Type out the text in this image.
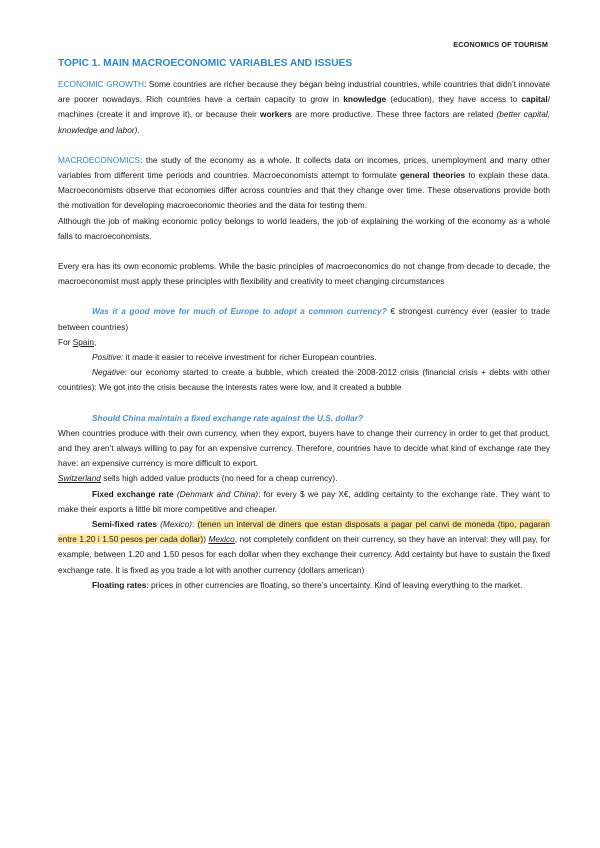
ECONOMICS OF TOURISM
TOPIC 1. MAIN MACROECONOMIC VARIABLES AND ISSUES

ECONOMIC GROWTH: Some countries are richer because they began being industrial countries, while countries that didn’t innovate are poorer nowadays. Rich countries have a certain capacity to grow in knowledge (education), they have access to capital/ machines (create it and improve it), or because their workers are more productive. These three factors are related (better capital, knowledge and labor).

MACROECONOMICS: the study of the economy as a whole. It collects data on incomes, prices, unemployment and many other variables from different time periods and countries. Macroeconomists attempt to formulate general theories to explain these data. Macroeconomists observe that economies differ across countries and that they change over time. These observations provide both the motivation for developing macroeconomic theories and the data for testing them.

Although the job of making economic policy belongs to world leaders, the job of explaining the working of the economy as a whole falls to macroeconomists.

Every era has its own economic problems. While the basic principles of macroeconomics do not change from decade to decade, the macroeconomist must apply these principles with flexibility and creativity to meet changing circumstances

Was it a good move for much of Europe to adopt a common currency? € strongest currency ever (easier to trade between countries)

For Spain,

Positive: it made it easier to receive investment for richer European countries.

Negative: our economy started to create a bubble, which created the 2008-2012 crisis (financial crisis + debts with other countries): We got into the crisis because the interests rates were low, and it created a bubble

Should China maintain a fixed exchange rate against the U.S. dollar?

When countries produce with their own currency, when they export, buyers have to change their currency in order to get that product, and they aren’t always willing to pay for an expensive currency. Therefore, countries have to decide what kind of exchange rate they have: an expensive currency is more difficult to export.

Switzerland sells high added value products (no need for a cheap currency).

Fixed exchange rate (Denmark and China): for every $ we pay X€, adding certainty to the exchange rate. They want to make their exports a little bit more competitive and cheaper.

Semi-fixed rates (Mexico): (tenen un interval de diners que estan disposats a pagar pel canvi de moneda (tipo, pagaran entre 1.20 i 1.50 pesos per cada dollar)) Mexico, not completely confident on their currency, so they have an interval: they will pay, for example, between 1.20 and 1.50 pesos for each dollar when they exchange their currency. Add certainty but have to sustain the fixed exchange rate. It is fixed as you trade a lot with another currency (dollars american)

Floating rates: prices in other currencies are floating, so there’s uncertainty. Kind of leaving everything to the market.
